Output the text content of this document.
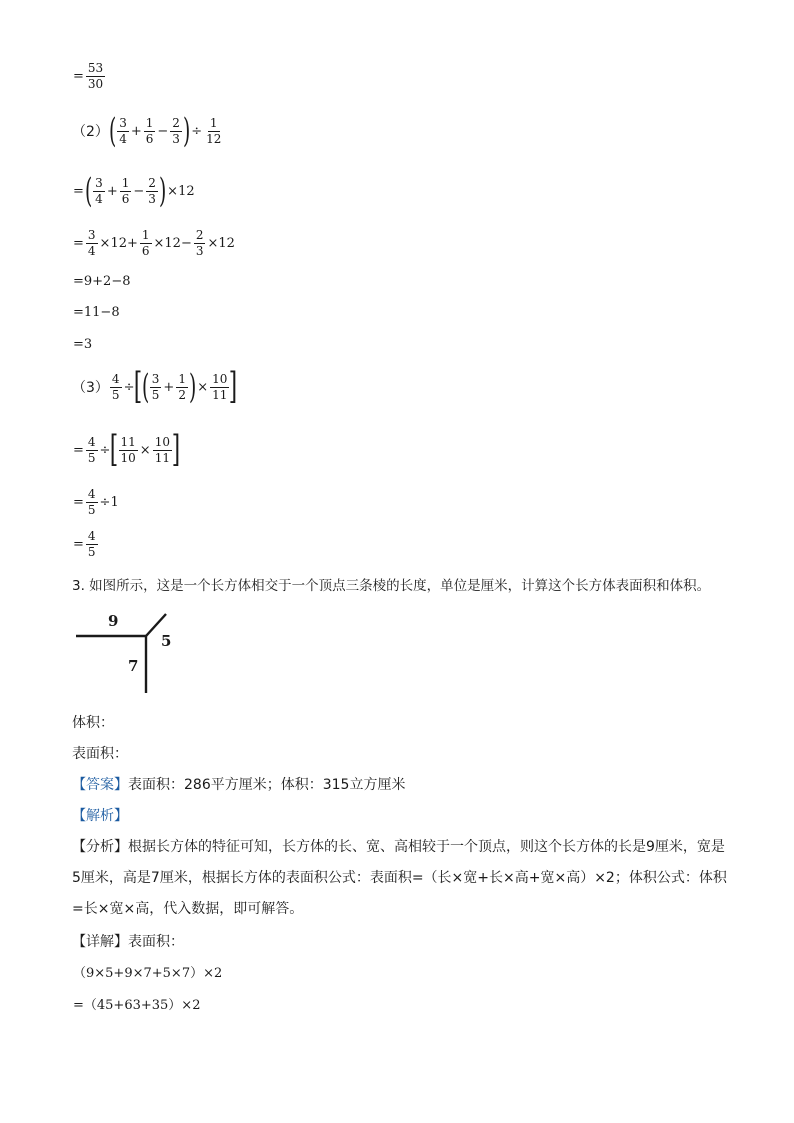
= $\frac{53}{30}$
（2） ( 3
$4 + \frac{1}{6} - \frac{2}{3}$ ) ÷ $\frac{1}{12}$
= ( 3
$4 + \frac{1}{6} - \frac{2}{3}$ ) ×12
= $\frac{3}{4} \times 12+ \frac{1}{6} \times 12- \frac{2}{3} \times 12$
=9+2−8
=11−8
=3
$(3) \frac{4}{5}$ ÷ [
( 3
$5 + \frac{1}{2}$ ) × $\frac{10}{11}$ ]
= $\frac{4}{5}$ ÷ [ $\frac{11}{10} \times \frac{10}{11}$ ]
= $\frac{4}{5} \div 1$
= $\frac{4}{5}$
3. 如图所示，这是一个长方体相交于一个顶点三条棱的长度，单位是厘米，计算这个长方体表面积和体积。
9
5
7
体积：
表面积：
【答案】 表面积：286平方厘米；体积：315立方厘米
【解析】
【分析】根据长方体的特征可知，长方体的长、宽、高相较于一个顶点，则这个长方体的长是9厘米，宽是5厘米，高是7厘米，根据长方体的表面积公式：表面积=（长×宽+长×高+宽×高）×2；体积公式：体积=长×宽×高，代入数据，即可解答。
【详解】 表面积：
（9×5+9×7+5×7）×2
=（45+63+35）×2
